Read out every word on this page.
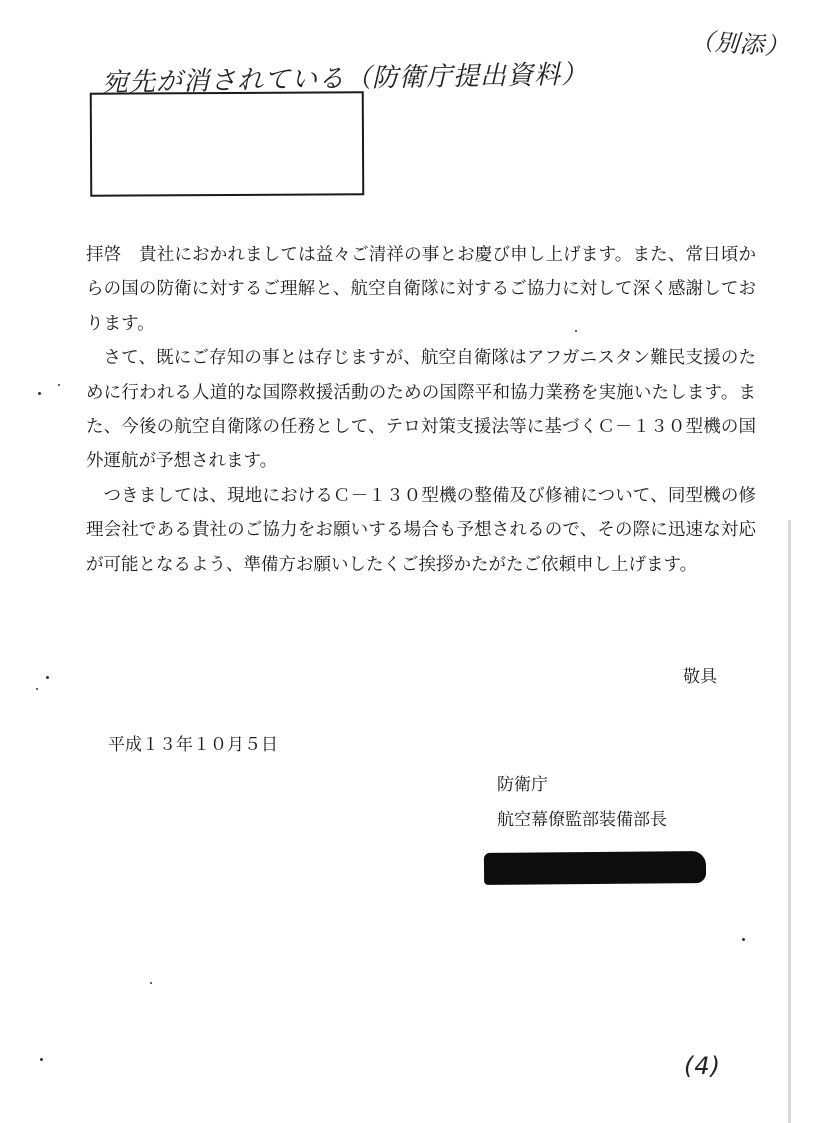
（別添）
宛先が消されている（防衛庁提出資料）

拝啓　貴社におかれましては益々ご清祥の事とお慶び申し上げます。また、常日頃からの国の防衛に対するご理解と、航空自衛隊に対するご協力に対して深く感謝しております。

さて、既にご存知の事とは存じますが、航空自衛隊はアフガニスタン難民支援のために行われる人道的な国際救援活動のための国際平和協力業務を実施いたします。また、今後の航空自衛隊の任務として、テロ対策支援法等に基づくＣ－１３０型機の国外運航が予想されます。

つきましては、現地におけるＣ－１３０型機の整備及び修補について、同型機の修理会社である貴社のご協力をお願いする場合も予想されるので、その際に迅速な対応が可能となるよう、準備方お願いしたくご挨拶かたがたご依頼申し上げます。

敬具
平成１３年１０月５日
防衛庁
航空幕僚監部装備部長
(4)
